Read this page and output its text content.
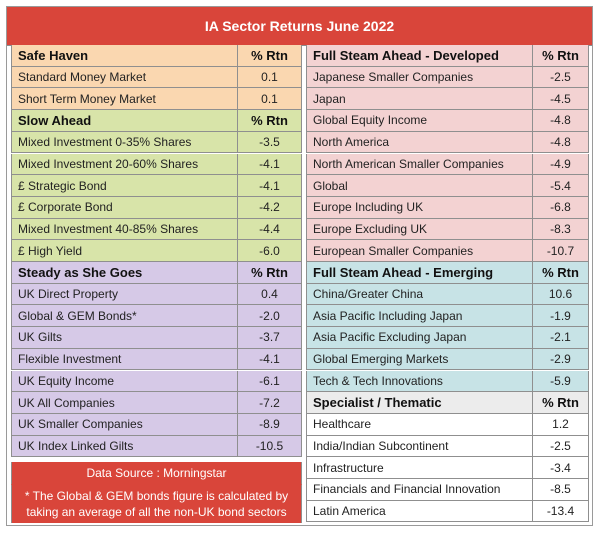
IA Sector Returns June 2022
Safe Haven	% Rtn
Standard Money Market	0.1
Short Term Money Market	0.1
Slow Ahead	% Rtn
Mixed Investment 0-35% Shares	-3.5
Mixed Investment 20-60% Shares	-4.1
£ Strategic Bond	-4.1
£ Corporate Bond	-4.2
Mixed Investment 40-85% Shares	-4.4
£ High Yield	-6.0
Steady as She Goes	% Rtn
UK Direct Property	0.4
Global & GEM Bonds*	-2.0
UK Gilts	-3.7
Flexible Investment	-4.1
UK Equity Income	-6.1
UK All Companies	-7.2
UK Smaller Companies	-8.9
UK Index Linked Gilts	-10.5
Full Steam Ahead - Developed	% Rtn
Japanese Smaller Companies	-2.5
Japan	-4.5
Global Equity Income	-4.8
North America	-4.8
North American Smaller Companies	-4.9
Global	-5.4
Europe Including UK	-6.8
Europe Excluding UK	-8.3
European Smaller Companies	-10.7
Full Steam Ahead - Emerging	% Rtn
China/Greater China	10.6
Asia Pacific Including Japan	-1.9
Asia Pacific Excluding Japan	-2.1
Global Emerging Markets	-2.9
Tech & Tech Innovations	-5.9
Specialist / Thematic	% Rtn
Healthcare	1.2
India/Indian Subcontinent	-2.5
Infrastructure	-3.4
Financials and Financial Innovation	-8.5
Latin America	-13.4
Data Source : Morningstar
* The Global & GEM bonds figure is calculated by taking an average of all the non-UK bond sectors
